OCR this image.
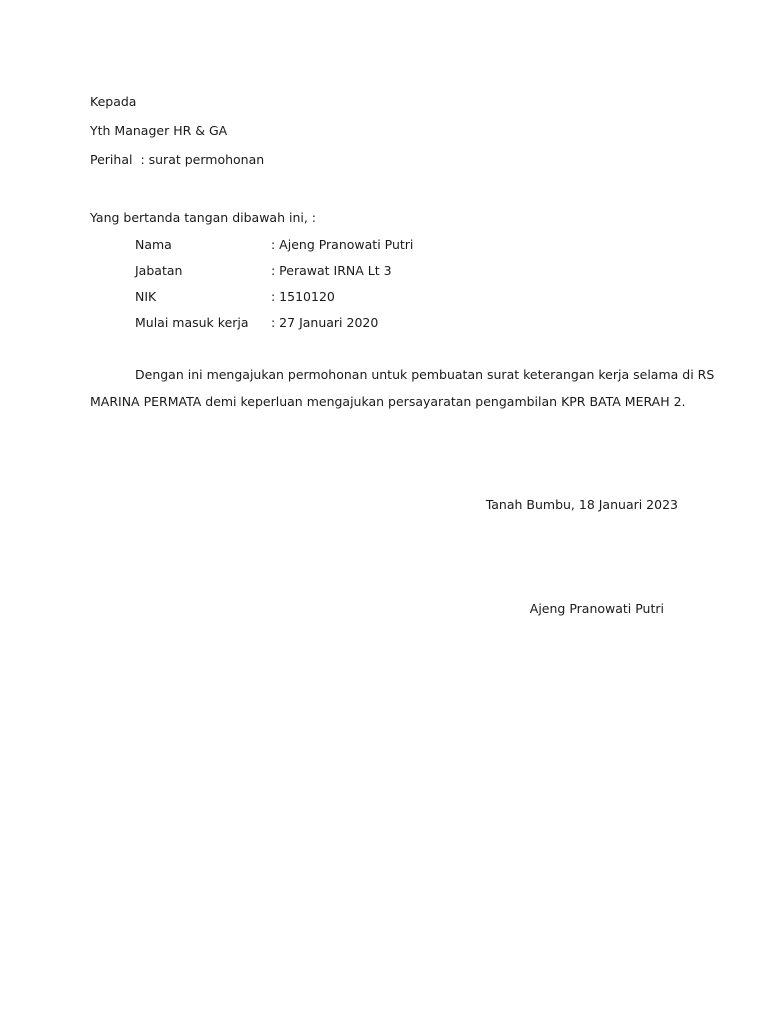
Kepada
Yth Manager HR & GA
Perihal : surat permohonan
Yang bertanda tangan dibawah ini, :
Nama	: Ajeng Pranowati Putri
Jabatan	: Perawat IRNA Lt 3
NIK	: 1510120
Mulai masuk kerja : 27 Januari 2020
Dengan ini mengajukan permohonan untuk pembuatan surat keterangan kerja selama di RS
MARINA PERMATA demi keperluan mengajukan persayaratan pengambilan KPR BATA MERAH 2.
Tanah Bumbu, 18 Januari 2023
Ajeng Pranowati Putri
